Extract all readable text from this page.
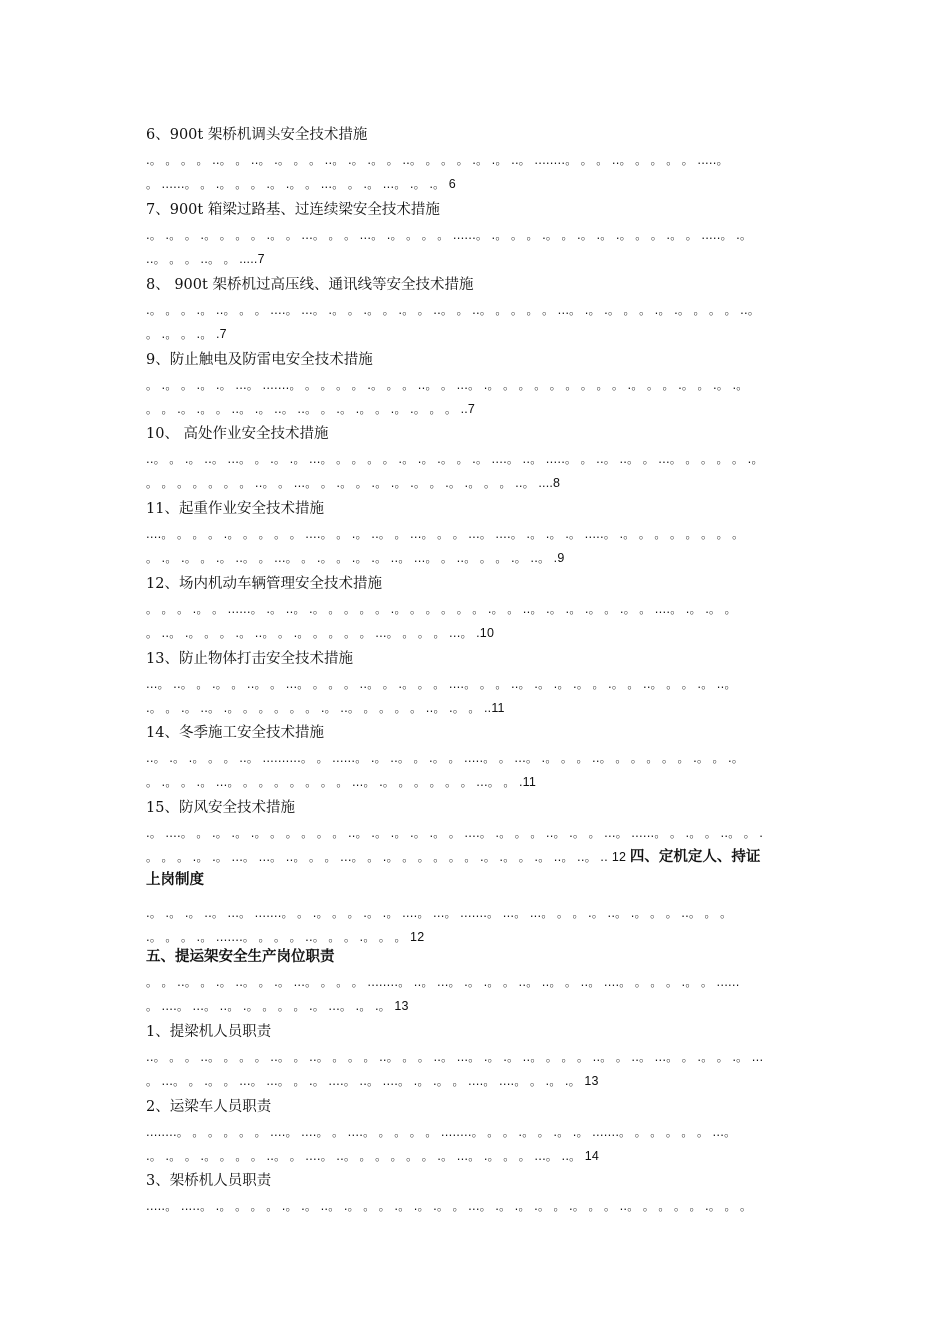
6、900t 架桥机调头安全技术措施
.。 。 。 。 ..。 。 ..。 .。 。 。 ..。 .。 .。 。 ..。 。 。 。 .。 .。 ..。 ........。 。 。 ..。 。 。 。 。 .....。
。 ......。 。 .。 。 。 .。 .。 。 ...。 。 .。 ...。 .。 .。 6
7、900t 箱梁过路基、过连续梁安全技术措施
.。 .。 。 .。 。 。 。 .。 。 ...。 。 。 ...。 .。 。 。 。 ......。 .。 。 。 .。 。 .。 .。 .。 。 。 .。 。 .....。 .。
..。 。 。 ..。 。 .....7
8、 900t 架桥机过高压线、通讯线等安全技术措施
.。 。 。 .。 ..。 。 。 ....。 ...。 .。 。 .。 。 .。 。 ..。 。 ..。 。 。 。 。 ...。 .。 .。 。 。 .。 .。 。 。 。 ..。
。 .。 。 .。 .7
9、防止触电及防雷电安全技术措施
。 .。 。 .。 .。 ...。 .......。 。 。 。 。 .。 。 。 ..。 。 ...。 .。 。 。 。 。 。 。 。 。 .。 。 。 .。 。 .。 .。
。 。 .。 .。 。 ..。 .。 ..。 ..。 。 .。 .。 。 .。 .。 。 。 ..7
10、 高处作业安全技术措施
..。 。 .。 ..。 ...。 。 .。 .。 ...。 。 。 。 。 .。 .。 .。 。 .。 ....。 ..。 .....。 。 ..。 ..。 。 ...。 。 。 。 。 .。
。 。 。 。 。 。 。 ..。 。 ...。 。 .。 。 .。 .。 .。 。 .。 .。 。 。 ..。 ....8
11、起重作业安全技术措施
....。 。 。 。 .。 。 。 。 。 ....。 。 .。 ..。 。 ...。 。 。 ...。 ....。 .。 .。 .。 .....。 .。 。 。 。 。 。 。 。
。 .。 .。 。 .。 ..。 。 ...。 。 .。 。 .。 .。 ..。 ...。 。 ..。 。 。 .。 ..。 .9
12、场内机动车辆管理安全技术措施
。 。 。 .。 。 ......。 .。 ..。 .。 。 。 。 。 .。 。 。 。 。 。 .。 。 ..。 .。 .。 .。 。 .。 。 ....。 .。 .。 。
。 ..。 .。 。 。 .。 ..。 。 .。 。 。 。 。 ...。 。 。 。 ...。 .10
13、防止物体打击安全技术措施
...。 ..。 。 .。 。 ..。 。 ...。 。 。 。 ..。 。 .。 。 。 ....。 。 。 ..。 .。 .。 .。 。 .。 。 ..。 。 。 .。 ..。
.。 。 .。 ..。 .。 。 。 。 。 。 .。 ..。 。 。 。 。 ..。 .。 。 ..11
14、冬季施工安全技术措施
..。 .。 .。 。 。 ..。 ..........。 。 ......。 .。 ..。 。 .。 。 .....。 。 ...。 .。 。 。 ..。 。 。 。 。 。 .。 。 .。
。 .。 。 .。 ...。 。 。 。 。 。 。 。 ...。 .。 。 。 。 。 。 ...。 。 .11
15、防风安全技术措施
.。 ....。 。 .。 .。 .。 。 。 。 。 。 ..。 .。 .。 .。 .。 。 ....。 .。 。 。 ..。 .。 。 ...。 ......。 。 .。 。 ..。 。 .
。 。 。 .。 .。 ...。 ...。 ..。 。 。 ...。 。 .。 。 。 。 。 。 .。 .。 。 .。 ..。 ..。 .. 12 四、定机定人、持证
上岗制度
.。 .。 .。 ..。 ...。 .......。 。 .。 。 。 .。 .。 ....。 ...。 .......。 ...。 ...。 。 。 .。 ..。 .。 。 。 ..。 。 。
.。 。 。 .。 .......。 。 。 。 ..。 。 。 .。 。 。 12
五、提运架安全生产岗位职责
。 。 ..。 。 .。 ..。 。 .。 ...。 。 。 。 ........。 ..。 ...。 .。 .。 。 ..。 ..。 。 ..。 ....。 。 。 。 .。 。 ......
。 ....。 ...。 ..。 .。 。 。 。 .。 ...。 .。 .。 13
1、提梁机人员职责
..。 。 。 ..。 。 。 。 ..。 。 ..。 。 。 。 ..。 。 。 ..。 ...。 .。 .。 ..。 。 。 。 ..。 。 ..。 ...。 。 .。 。 .。 ...
。 ...。 。 .。 。 ...。 ...。 。 .。 ....。 ..。 ....。 .。 .。 。 ....。 ....。 。 .。 .。 13
2、运梁车人员职责
........。 。 。 。 。 。 ....。 ....。 。 ....。 。 。 。 。 ........。 。 。 .。 。 .。 .。 .......。 。 。 。 。 。 ...。
.。 .。 。 .。 。 。 。 ..。 。 ....。 ..。 。 。 。 。 。 .。 ...。 .。 。 。 ...。 ..。 14
3、架桥机人员职责
.....。 .....。 .。 。 。 。 .。 .。 ..。 .。 。 。 .。 .。 .。 。 ...。 .。 .。 .。 。 .。 。 。 ..。 。 。 。 。 .。 。 。
